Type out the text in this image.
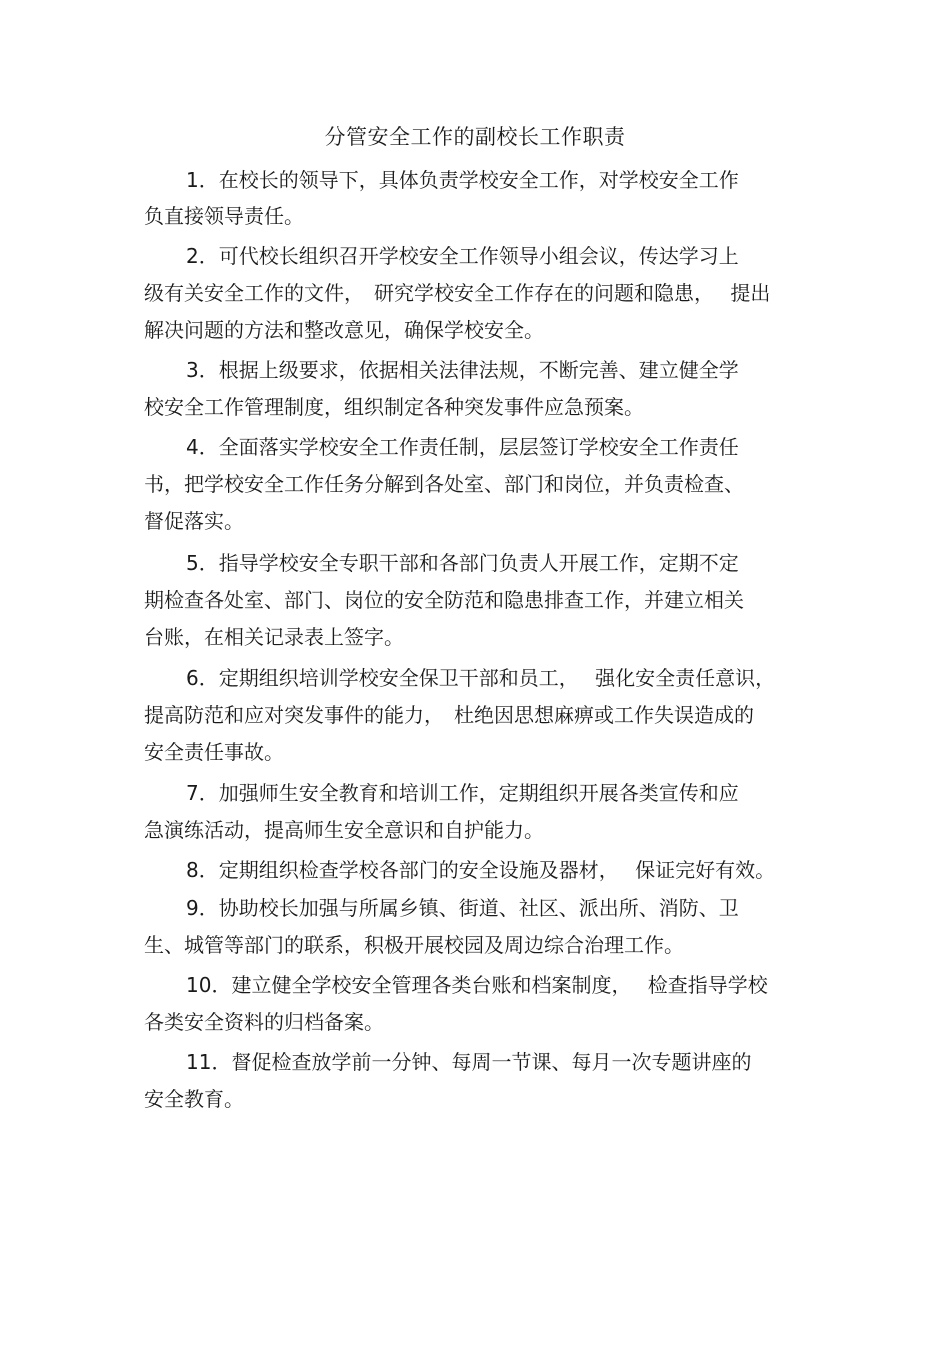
分管安全工作的副校长工作职责
1．在校长的领导下，具体负责学校安全工作，对学校安全工作
负直接领导责任。
2．可代校长组织召开学校安全工作领导小组会议，传达学习上
级有关安全工作的文件，　研究学校安全工作存在的问题和隐患，　 提出
解决问题的方法和整改意见，确保学校安全。
3．根据上级要求，依据相关法律法规，不断完善、建立健全学
校安全工作管理制度，组织制定各种突发事件应急预案。
4．全面落实学校安全工作责任制，层层签订学校安全工作责任
书，把学校安全工作任务分解到各处室、部门和岗位，并负责检查、
督促落实。
5．指导学校安全专职干部和各部门负责人开展工作，定期不定
期检查各处室、部门、岗位的安全防范和隐患排查工作，并建立相关
台账，在相关记录表上签字。
6．定期组织培训学校安全保卫干部和员工，　 强化安全责任意识，
提高防范和应对突发事件的能力，　杜绝因思想麻痹或工作失误造成的
安全责任事故。
7．加强师生安全教育和培训工作，定期组织开展各类宣传和应
急演练活动，提高师生安全意识和自护能力。
8．定期组织检查学校各部门的安全设施及器材，　 保证完好有效。
9．协助校长加强与所属乡镇、街道、社区、派出所、消防、卫
生、城管等部门的联系，积极开展校园及周边综合治理工作。
10．建立健全学校安全管理各类台账和档案制度，　 检查指导学校
各类安全资料的归档备案。
11．督促检查放学前一分钟、每周一节课、每月一次专题讲座的
安全教育。
